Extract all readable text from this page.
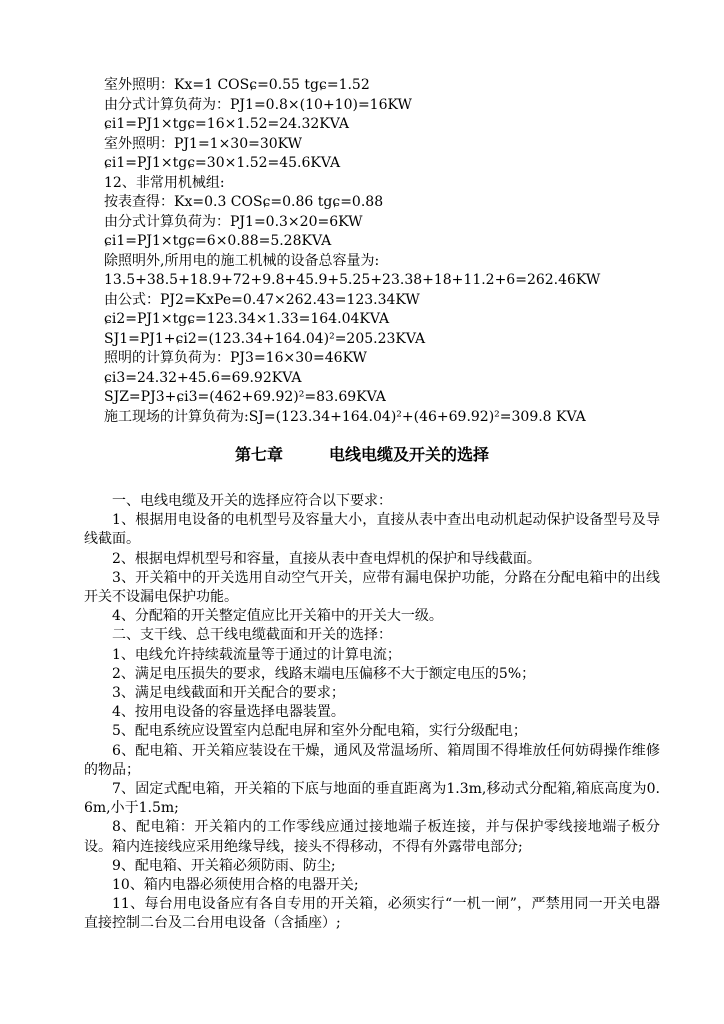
室外照明：Kx=1 COSɕ=0.55 tgɕ=1.52
由分式计算负荷为：PJ1=0.8×(10+10)=16KW
ɕi1=PJ1×tgɕ=16×1.52=24.32KVA
室外照明：PJ1=1×30=30KW
ɕi1=PJ1×tgɕ=30×1.52=45.6KVA
12、非常用机械组:
按表查得：Kx=0.3 COSɕ=0.86 tgɕ=0.88
由分式计算负荷为：PJ1=0.3×20=6KW
ɕi1=PJ1×tgɕ=6×0.88=5.28KVA
除照明外,所用电的施工机械的设备总容量为:
13.5+38.5+18.9+72+9.8+45.9+5.25+23.38+18+11.2+6=262.46KW
由公式：PJ2=KxPe=0.47×262.43=123.34KW
ɕi2=PJ1×tgɕ=123.34×1.33=164.04KVA
SJ1=PJ1+ɕi2=(123.34+164.04)²=205.23KVA
照明的计算负荷为：PJ3=16×30=46KW
ɕi3=24.32+45.6=69.92KVA
SJZ=PJ3+ɕi3=(462+69.92)²=83.69KVA
施工现场的计算负荷为:SJ=(123.34+164.04)²+(46+69.92)²=309.8 KVA
第七章	电线电缆及开关的选择

一、电线电缆及开关的选择应符合以下要求：

1、根据用电设备的电机型号及容量大小，直接从表中查出电动机起动保护设备型号及导线截面。

2、根据电焊机型号和容量，直接从表中查电焊机的保护和导线截面。

3、开关箱中的开关选用自动空气开关，应带有漏电保护功能，分路在分配电箱中的出线开关不设漏电保护功能。

4、分配箱的开关整定值应比开关箱中的开关大一级。

二、支干线、总干线电缆截面和开关的选择：

1、电线允许持续载流量等于通过的计算电流；

2、满足电压损失的要求，线路末端电压偏移不大于额定电压的5%；

3、满足电线截面和开关配合的要求；

4、按用电设备的容量选择电器装置。

5、配电系统应设置室内总配电屏和室外分配电箱，实行分级配电；

6、配电箱、开关箱应装设在干燥，通风及常温场所、箱周围不得堆放任何妨碍操作维修的物品；

7、固定式配电箱，开关箱的下底与地面的垂直距离为1.3m,移动式分配箱,箱底高度为0.6m,小于1.5m;

8、配电箱：开关箱内的工作零线应通过接地端子板连接，并与保护零线接地端子板分设。箱内连接线应采用绝缘导线，接头不得移动，不得有外露带电部分;

9、配电箱、开关箱必须防雨、防尘;

10、箱内电器必须使用合格的电器开关;

11、每台用电设备应有各自专用的开关箱，必须实行“一机一闸”，严禁用同一开关电器直接控制二台及二台用电设备（含插座）;
